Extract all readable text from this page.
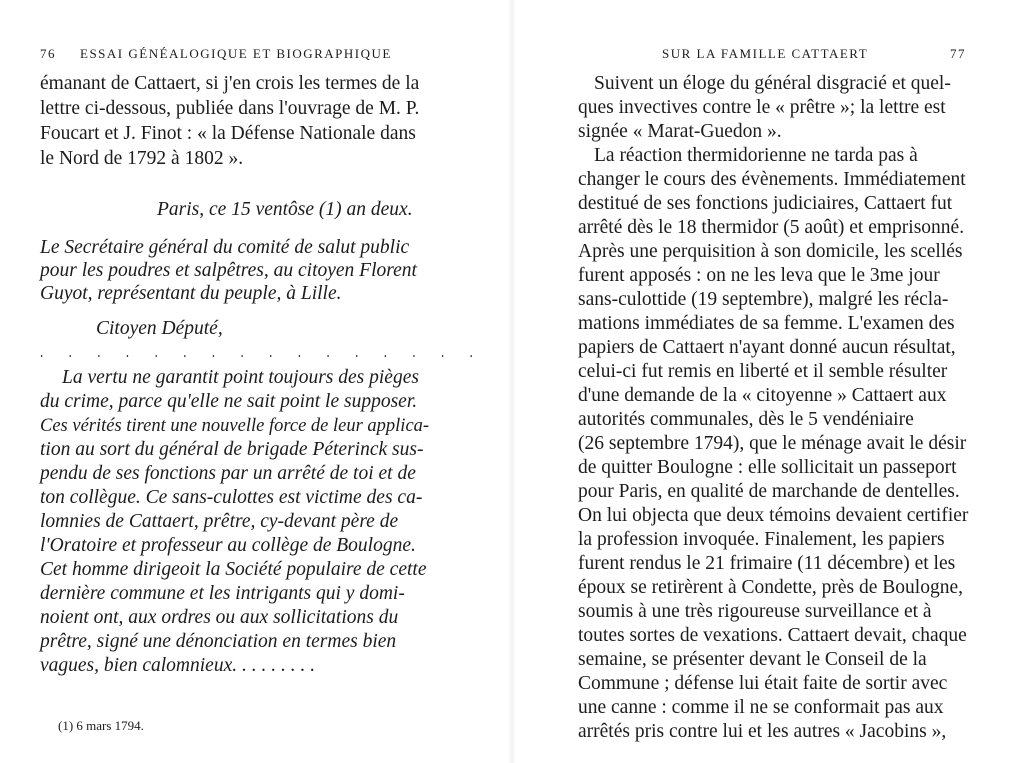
76 ESSAI GÉNÉALOGIQUE ET BIOGRAPHIQUE
émanant de Cattaert, si j'en crois les termes de la
lettre ci-dessous, publiée dans l'ouvrage de M. P.
Foucart et J. Finot : « la Défense Nationale dans
le Nord de 1792 à 1802 ».
Paris, ce 15 ventôse (1) an deux.
Le Secrétaire général du comité de salut public
pour les poudres et salpêtres, au citoyen Florent
Guyot, représentant du peuple, à Lille.
Citoyen Député,
. . . . . . . . . . . . . . . .
La vertu ne garantit point toujours des pièges
du crime, parce qu'elle ne sait point le supposer.
Ces vérités tirent une nouvelle force de leur applica-
tion au sort du général de brigade Péterinck sus-
pendu de ses fonctions par un arrêté de toi et de
ton collègue. Ce sans-culottes est victime des ca-
lomnies de Cattaert, prêtre, cy-devant père de
l'Oratoire et professeur au collège de Boulogne.
Cet homme dirigeoit la Société populaire de cette
dernière commune et les intrigants qui y domi-
noient ont, aux ordres ou aux sollicitations du
prêtre, signé une dénonciation en termes bien
vagues, bien calomnieux. . . . . . . . .
(1) 6 mars 1794.
SUR LA FAMILLE CATTAERT	77
Suivent un éloge du général disgracié et quel-
ques invectives contre le « prêtre »; la lettre est
signée « Marat-Guedon ».
La réaction thermidorienne ne tarda pas à
changer le cours des évènements. Immédiatement
destitué de ses fonctions judiciaires, Cattaert fut
arrêté dès le 18 thermidor (5 août) et emprisonné.
Après une perquisition à son domicile, les scellés
furent apposés : on ne les leva que le 3me jour
sans-culottide (19 septembre), malgré les récla-
mations immédiates de sa femme. L'examen des
papiers de Cattaert n'ayant donné aucun résultat,
celui-ci fut remis en liberté et il semble résulter
d'une demande de la « citoyenne » Cattaert aux
autorités communales, dès le 5 vendéniaire
(26 septembre 1794), que le ménage avait le désir
de quitter Boulogne : elle sollicitait un passeport
pour Paris, en qualité de marchande de dentelles.
On lui objecta que deux témoins devaient certifier
la profession invoquée. Finalement, les papiers
furent rendus le 21 frimaire (11 décembre) et les
époux se retirèrent à Condette, près de Boulogne,
soumis à une très rigoureuse surveillance et à
toutes sortes de vexations. Cattaert devait, chaque
semaine, se présenter devant le Conseil de la
Commune ; défense lui était faite de sortir avec
une canne : comme il ne se conformait pas aux
arrêtés pris contre lui et les autres « Jacobins »,
